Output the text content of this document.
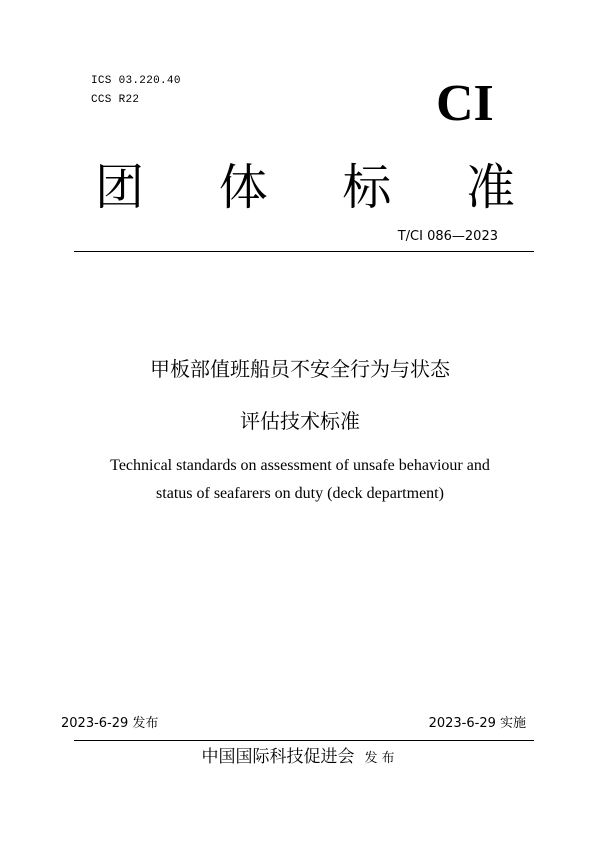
ICS 03.220.40
CCS R22	CI
团 体 标 准
T/CI 086—2023
甲板部值班船员不安全行为与状态
评估技术标准
Technical standards on assessment of unsafe behaviour and
status of seafarers on duty (deck department)
2023-6-29 发布	2023-6-29 实施
中国国际科技促进会 发布
